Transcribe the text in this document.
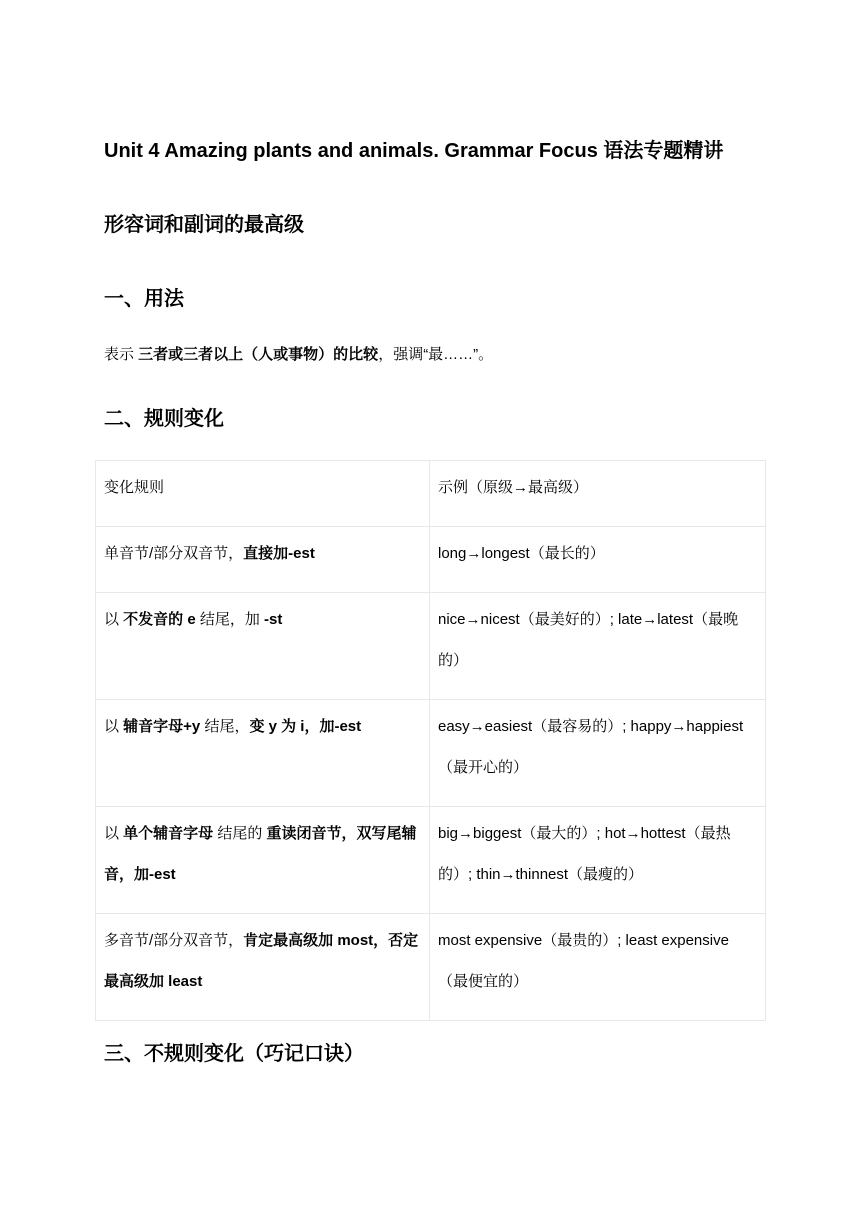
Unit 4 Amazing plants and animals. Grammar Focus 语法专题精讲
形容词和副词的最高级
一、用法

表示 三者或三者以上（人或事物）的比较，强调“最……”。

二、规则变化
变化规则	示例（原级→最高级）

单音节/部分双音节，直接加-est	long→longest（最长的）

以 不发音的 e 结尾，加 -st	nice→nicest（最美好的）; late→latest（最晚的）

以 辅音字母+y 结尾，变 y 为 i，加-est	easy→easiest（最容易的）; happy→happiest（最开心的）

以 单个辅音字母 结尾的 重读闭音节，双写尾辅音，加-est	big→biggest（最大的）; hot→hottest（最热的）; thin→thinnest（最瘦的）

多音节/部分双音节，肯定最高级加 most，否定最高级加 least	most expensive（最贵的）; least expensive（最便宜的）
三、不规则变化（巧记口诀）
